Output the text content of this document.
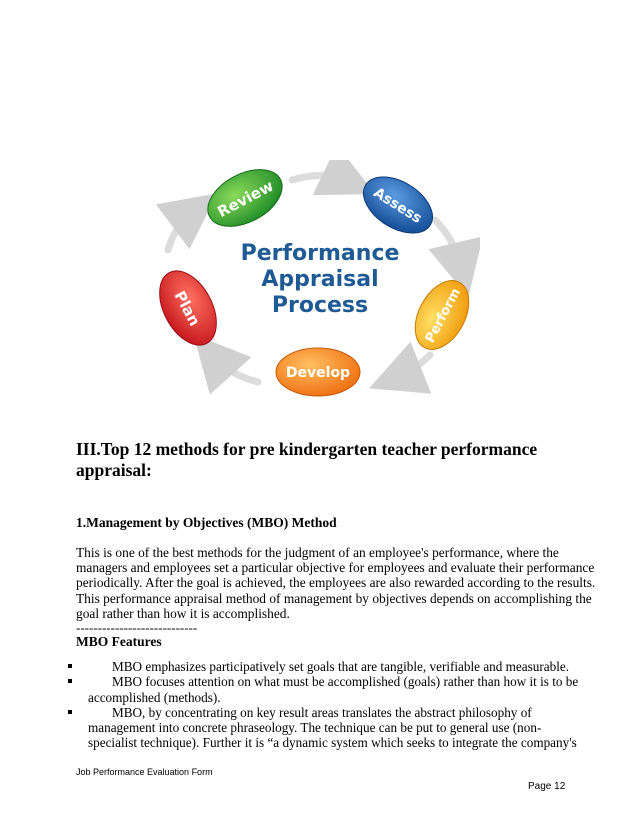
Review	Assess
Perform
Develop
Plan
Performance
Appraisal
Process
III.Top 12 methods for pre kindergarten teacher performance appraisal:
1.Management by Objectives (MBO) Method
This is one of the best methods for the judgment of an employee's performance, where the
managers and employees set a particular objective for employees and evaluate their performance
periodically. After the goal is achieved, the employees are also rewarded according to the results.
This performance appraisal method of management by objectives depends on accomplishing the
goal rather than how it is accomplished.
----------------------------
MBO Features
MBO emphasizes participatively set goals that are tangible, verifiable and measurable.
MBO focuses attention on what must be accomplished (goals) rather than how it is to be
accomplished (methods).
MBO, by concentrating on key result areas translates the abstract philosophy of
management into concrete phraseology. The technique can be put to general use (non-
specialist technique). Further it is “a dynamic system which seeks to integrate the company's
Job Performance Evaluation Form
Page 12
